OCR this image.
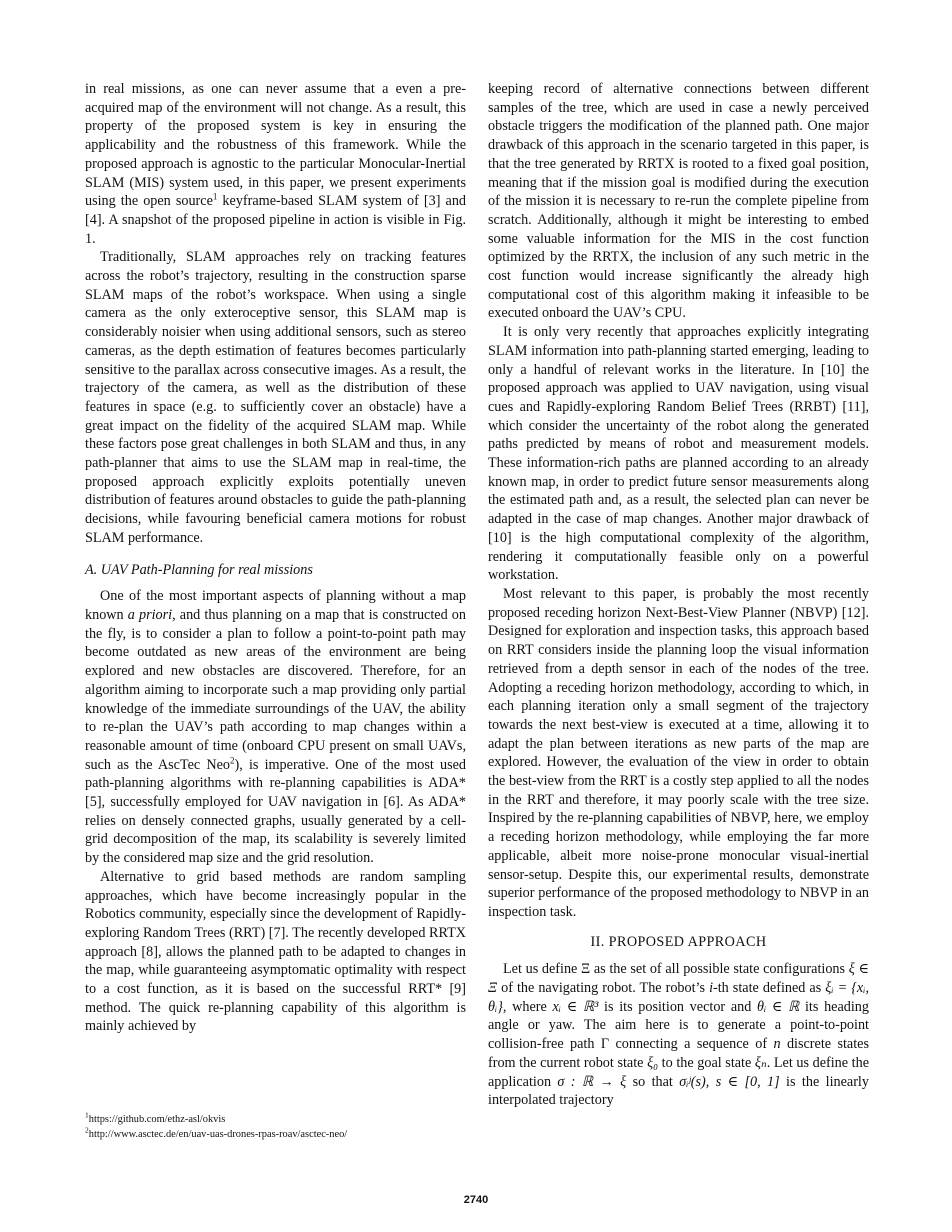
in real missions, as one can never assume that a even a pre-acquired map of the environment will not change. As a result, this property of the proposed system is key in ensuring the applicability and the robustness of this framework. While the proposed approach is agnostic to the particular Monocular-Inertial SLAM (MIS) system used, in this paper, we present experiments using the open source$^1$ keyframe-based SLAM system of [3] and [4]. A snapshot of the proposed pipeline in action is visible in Fig. 1.

Traditionally, SLAM approaches rely on tracking features across the robot’s trajectory, resulting in the construction sparse SLAM maps of the robot’s workspace. When using a single camera as the only exteroceptive sensor, this SLAM map is considerably noisier when using additional sensors, such as stereo cameras, as the depth estimation of features becomes particularly sensitive to the parallax across consecutive images. As a result, the trajectory of the camera, as well as the distribution of these features in space (e.g. to sufficiently cover an obstacle) have a great impact on the fidelity of the acquired SLAM map. While these factors pose great challenges in both SLAM and thus, in any path-planner that aims to use the SLAM map in real-time, the proposed approach explicitly exploits potentially uneven distribution of features around obstacles to guide the path-planning decisions, while favouring beneficial camera motions for robust SLAM performance.

A. UAV Path-Planning for real missions

One of the most important aspects of planning without a map known a priori, and thus planning on a map that is constructed on the fly, is to consider a plan to follow a point-to-point path may become outdated as new areas of the environment are being explored and new obstacles are discovered. Therefore, for an algorithm aiming to incorporate such a map providing only partial knowledge of the immediate surroundings of the UAV, the ability to re-plan the UAV’s path according to map changes within a reasonable amount of time (onboard CPU present on small UAVs, such as the AscTec Neo$^2$), is imperative. One of the most used path-planning algorithms with re-planning capabilities is ADA* [5], successfully employed for UAV navigation in [6]. As ADA* relies on densely connected graphs, usually generated by a cell-grid decomposition of the map, its scalability is severely limited by the considered map size and the grid resolution.

Alternative to grid based methods are random sampling approaches, which have become increasingly popular in the Robotics community, especially since the development of Rapidly-exploring Random Trees (RRT) [7]. The recently developed RRTX approach [8], allows the planned path to be adapted to changes in the map, while guaranteeing asymptomatic optimality with respect to a cost function, as it is based on the successful RRT* [9] method. The quick re-planning capability of this algorithm is mainly achieved by

keeping record of alternative connections between different samples of the tree, which are used in case a newly perceived obstacle triggers the modification of the planned path. One major drawback of this approach in the scenario targeted in this paper, is that the tree generated by RRTX is rooted to a fixed goal position, meaning that if the mission goal is modified during the execution of the mission it is necessary to re-run the complete pipeline from scratch. Additionally, although it might be interesting to embed some valuable information for the MIS in the cost function optimized by the RRTX, the inclusion of any such metric in the cost function would increase significantly the already high computational cost of this algorithm making it infeasible to be executed onboard the UAV’s CPU.

It is only very recently that approaches explicitly integrating SLAM information into path-planning started emerging, leading to only a handful of relevant works in the literature. In [10] the proposed approach was applied to UAV navigation, using visual cues and Rapidly-exploring Random Belief Trees (RRBT) [11], which consider the uncertainty of the robot along the generated paths predicted by means of robot and measurement models. These information-rich paths are planned according to an already known map, in order to predict future sensor measurements along the estimated path and, as a result, the selected plan can never be adapted in the case of map changes. Another major drawback of [10] is the high computational complexity of the algorithm, rendering it computationally feasible only on a powerful workstation.

Most relevant to this paper, is probably the most recently proposed receding horizon Next-Best-View Planner (NBVP) [12]. Designed for exploration and inspection tasks, this approach based on RRT considers inside the planning loop the visual information retrieved from a depth sensor in each of the nodes of the tree. Adopting a receding horizon methodology, according to which, in each planning iteration only a small segment of the trajectory towards the next best-view is executed at a time, allowing it to adapt the plan between iterations as new parts of the map are explored. However, the evaluation of the view in order to obtain the best-view from the RRT is a costly step applied to all the nodes in the RRT and therefore, it may poorly scale with the tree size. Inspired by the re-planning capabilities of NBVP, here, we employ a receding horizon methodology, while employing the far more applicable, albeit more noise-prone monocular visual-inertial sensor-setup. Despite this, our experimental results, demonstrate superior performance of the proposed methodology to NBVP in an inspection task.

II. PROPOSED APPROACH

Let us define Ξ as the set of all possible state configurations ξ ∈ Ξ of the navigating robot. The robot’s i-th state defined as ξᵢ = {xᵢ, θᵢ}, where xᵢ ∈ ℝ³ is its position vector and θᵢ ∈ ℝ its heading angle or yaw. The aim here is to generate a point-to-point collision-free path Γ connecting a sequence of n discrete states from the current robot state ξ₀ to the goal state ξₙ. Let us define the application σ : ℝ → ξ so that σᵢʲ(s), s ∈ [0, 1] is the linearly interpolated trajectory

$^1$https://github.com/ethz-asl/okvis
$^2$http://www.asctec.de/en/uav-uas-drones-rpas-roav/asctec-neo/
2740
